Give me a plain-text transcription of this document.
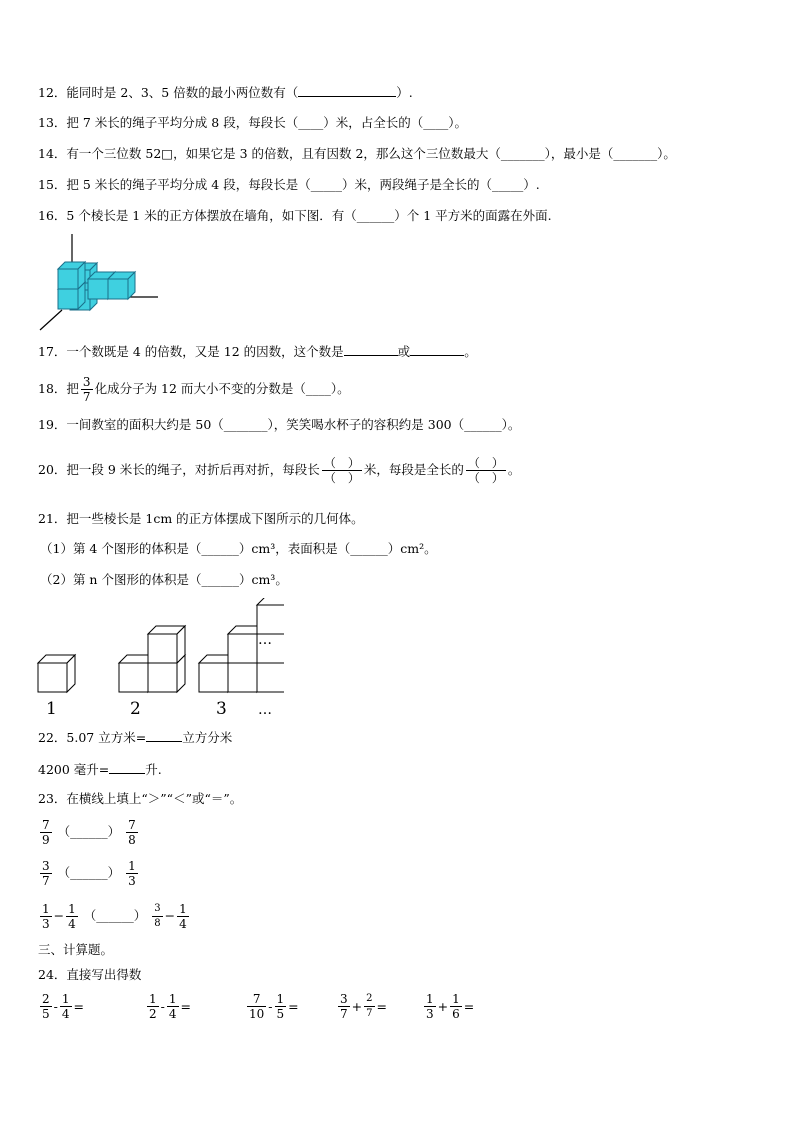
12．能同时是 2、3、5 倍数的最小两位数有（	）.
13．把 7 米长的绳子平均分成 8 段，每段长（____）米，占全长的（____）。
14．有一个三位数 52□，如果它是 3 的倍数，且有因数 2，那么这个三位数最大（_______），最小是（_______）。
15．把 5 米长的绳子平均分成 4 段，每段长是（_____）米，两段绳子是全长的（_____）.
16．5 个棱长是 1 米的正方体摆放在墙角，如下图．有（______）个 1 平方米的面露在外面.
17．一个数既是 4 的倍数，又是 12 的因数，这个数是	或	。
18．把 $\frac{3}{7}$ 化成分子为 12 而大小不变的分数是（____）。
19．一间教室的面积大约是 50（_______），笑笑喝水杯子的容积约是 300（______）。
20．把一段 9 米长的绳子，对折后再对折，每段长 $\frac{( )}{( )}$ 米，每段是全长的 $\frac{( )}{( )}$ 。
21．把一些棱长是 1cm 的正方体摆成下图所示的几何体。
（1）第 4 个图形的体积是（______）cm³，表面积是（______）cm²。
（2）第 n 个图形的体积是（______）cm³。
1	2	3
…
…
22．5.07 立方米=	立方分米
4200 毫升=	升.
23．在横线上填上“＞”“＜”或“＝”。
$\frac{7}{9}$ （______） $\frac{7}{8}$
$\frac{3}{7}$ （______） $\frac{1}{3}$
$\frac{1}{3} - \frac{1}{4}$ （______） $\frac{3}{8} - \frac{1}{4}$
三、计算题。
24．直接写出得数
$\frac{2}{5} - \frac{1}{4}$ =	$\frac{1}{2} - \frac{1}{4}$ =	$\frac{7}{10} - \frac{1}{5}$ =	$\frac{3}{7} + \frac{2}{7}$ =	$\frac{1}{3} + \frac{1}{6}$ =
